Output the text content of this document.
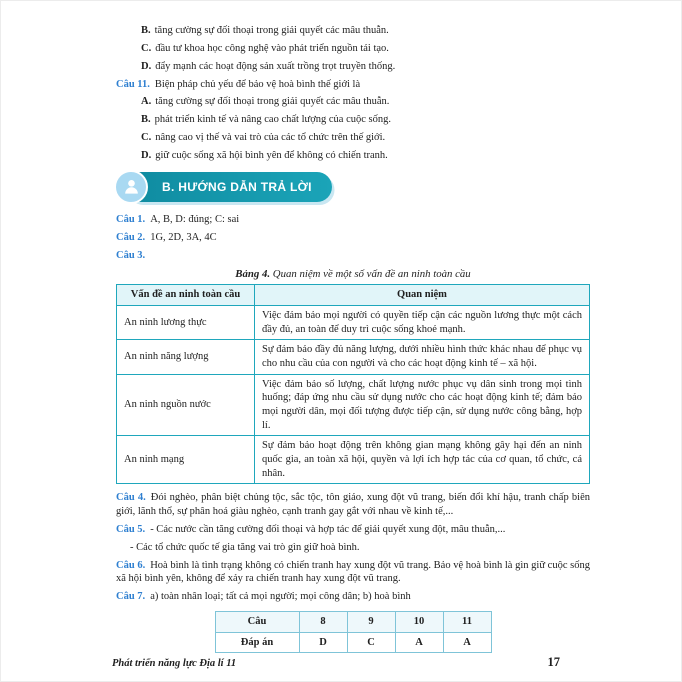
B. tăng cường sự đối thoại trong giải quyết các mâu thuẫn.

C. đầu tư khoa học công nghệ vào phát triển nguồn tái tạo.

D. đẩy mạnh các hoạt động sản xuất trồng trọt truyền thống.

Câu 11. Biện pháp chủ yếu để bảo vệ hoà bình thế giới là

A. tăng cường sự đối thoại trong giải quyết các mâu thuẫn.

B. phát triển kinh tế và nâng cao chất lượng của cuộc sống.

C. nâng cao vị thế và vai trò của các tổ chức trên thế giới.

D. giữ cuộc sống xã hội bình yên để không có chiến tranh.

B. HƯỚNG DẪN TRẢ LỜI

Câu 1. A, B, D: đúng; C: sai

Câu 2. 1G, 2D, 3A, 4C

Câu 3.

Bảng 4. Quan niệm về một số vấn đề an ninh toàn cầu

Vấn đề an ninh toàn cầu	Quan niệm
An ninh lương thực	Việc đảm bảo mọi người có quyền tiếp cận các nguồn lương thực một cách đầy đủ, an toàn để duy trì cuộc sống khoẻ mạnh.
An ninh năng lượng	Sự đảm bảo đầy đủ năng lượng, dưới nhiều hình thức khác nhau để phục vụ cho nhu cầu của con người và cho các hoạt động kinh tế – xã hội.
An ninh nguồn nước	Việc đảm bảo số lượng, chất lượng nước phục vụ dân sinh trong mọi tình huống; đáp ứng nhu cầu sử dụng nước cho các hoạt động kinh tế; đảm bảo mọi người dân, mọi đối tượng được tiếp cận, sử dụng nước công bằng, hợp lí.
An ninh mạng	Sự đảm bảo hoạt động trên không gian mạng không gây hại đến an ninh quốc gia, an toàn xã hội, quyền và lợi ích hợp tác của cơ quan, tổ chức, cá nhân.

Câu 4. Đói nghèo, phân biệt chủng tộc, sắc tộc, tôn giáo, xung đột vũ trang, biến đổi khí hậu, tranh chấp biên giới, lãnh thổ, sự phân hoá giàu nghèo, cạnh tranh gay gắt với nhau về kinh tế,...

Câu 5. - Các nước cần tăng cường đối thoại và hợp tác để giải quyết xung đột, mâu thuẫn,...

- Các tổ chức quốc tế gia tăng vai trò gìn giữ hoà bình.

Câu 6. Hoà bình là tình trạng không có chiến tranh hay xung đột vũ trang. Bảo vệ hoà bình là gìn giữ cuộc sống xã hội bình yên, không để xảy ra chiến tranh hay xung đột vũ trang.

Câu 7. a) toàn nhân loại; tất cả mọi người; mọi công dân; b) hoà bình

Câu	8	9	10	11
Đáp án	D	C	A	A
Phát triển năng lực Địa lí 11	17
